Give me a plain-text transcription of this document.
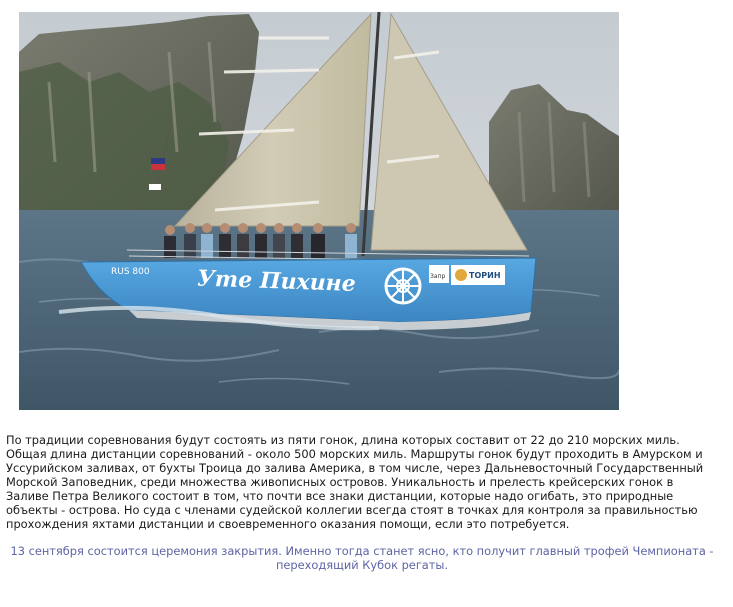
RUS 800 Уте Пихине	Запр	ТОРИН

По традиции соревнования будут состоять из пяти гонок, длина которых составит от 22 до 210 морских миль. Общая длина дистанции соревнований - около 500 морских миль. Маршруты гонок будут проходить в Амурском и Уссурийском заливах, от бухты Троица до залива Америка, в том числе, через Дальневосточный Государственный Морской Заповедник, среди множества живописных островов. Уникальность и прелесть крейсерских гонок в Заливе Петра Великого состоит в том, что почти все знаки дистанции, которые надо огибать, это природные объекты - острова. Но суда с членами судейской коллегии всегда стоят в точках для контроля за правильностью прохождения яхтами дистанции и своевременного оказания помощи, если это потребуется.

13 сентября состоится церемония закрытия. Именно тогда станет ясно, кто получит главный трофей Чемпионата - переходящий Кубок регаты.
